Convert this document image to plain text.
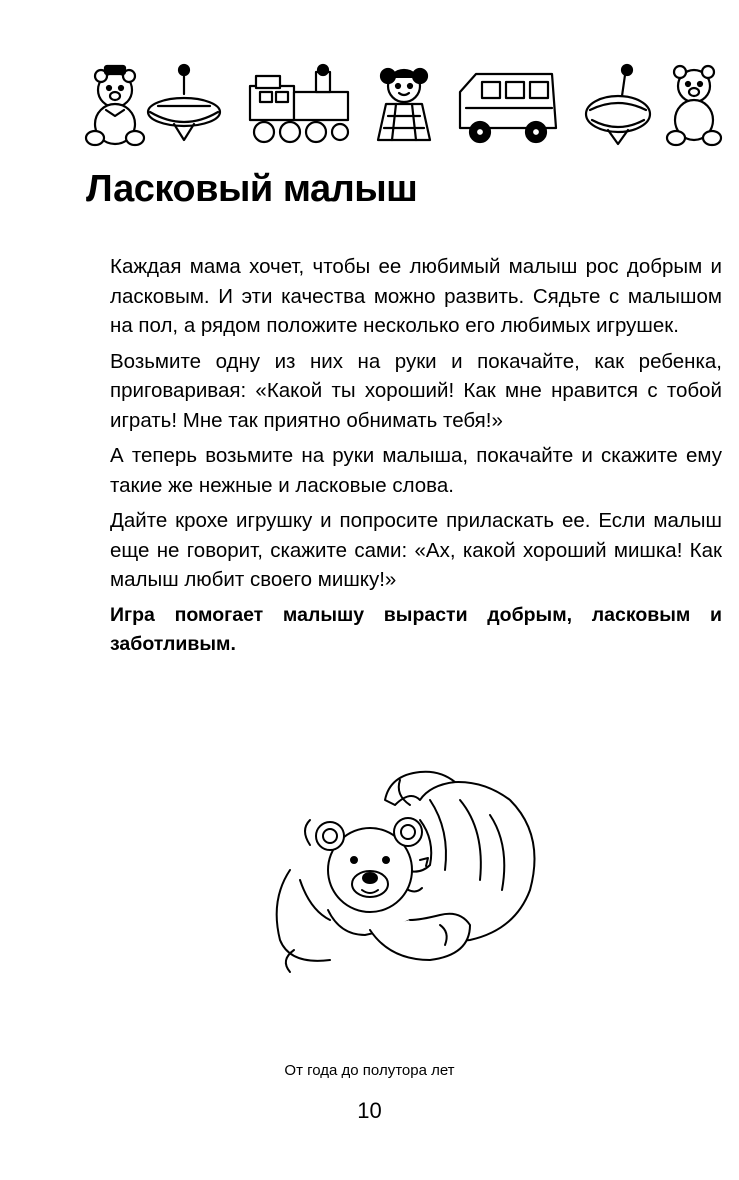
Ласковый малыш

Каждая мама хочет, чтобы ее любимый малыш рос добрым и ласковым. И эти качества можно развить. Сядьте с малышом на пол, а рядом положите несколько его любимых игрушек.

Возьмите одну из них на руки и покачайте, как ребенка, приговаривая: «Какой ты хороший! Как мне нравится с тобой играть! Мне так приятно обнимать тебя!»

А теперь возьмите на руки малыша, покачайте и скажите ему такие же нежные и ласковые слова.

Дайте крохе игрушку и попросите приласкать ее. Если малыш еще не говорит, скажите сами: «Ах, какой хороший мишка! Как малыш любит своего мишку!»

Игра помогает малышу вырасти добрым, ласковым и заботливым.

От года до полутора лет
10
